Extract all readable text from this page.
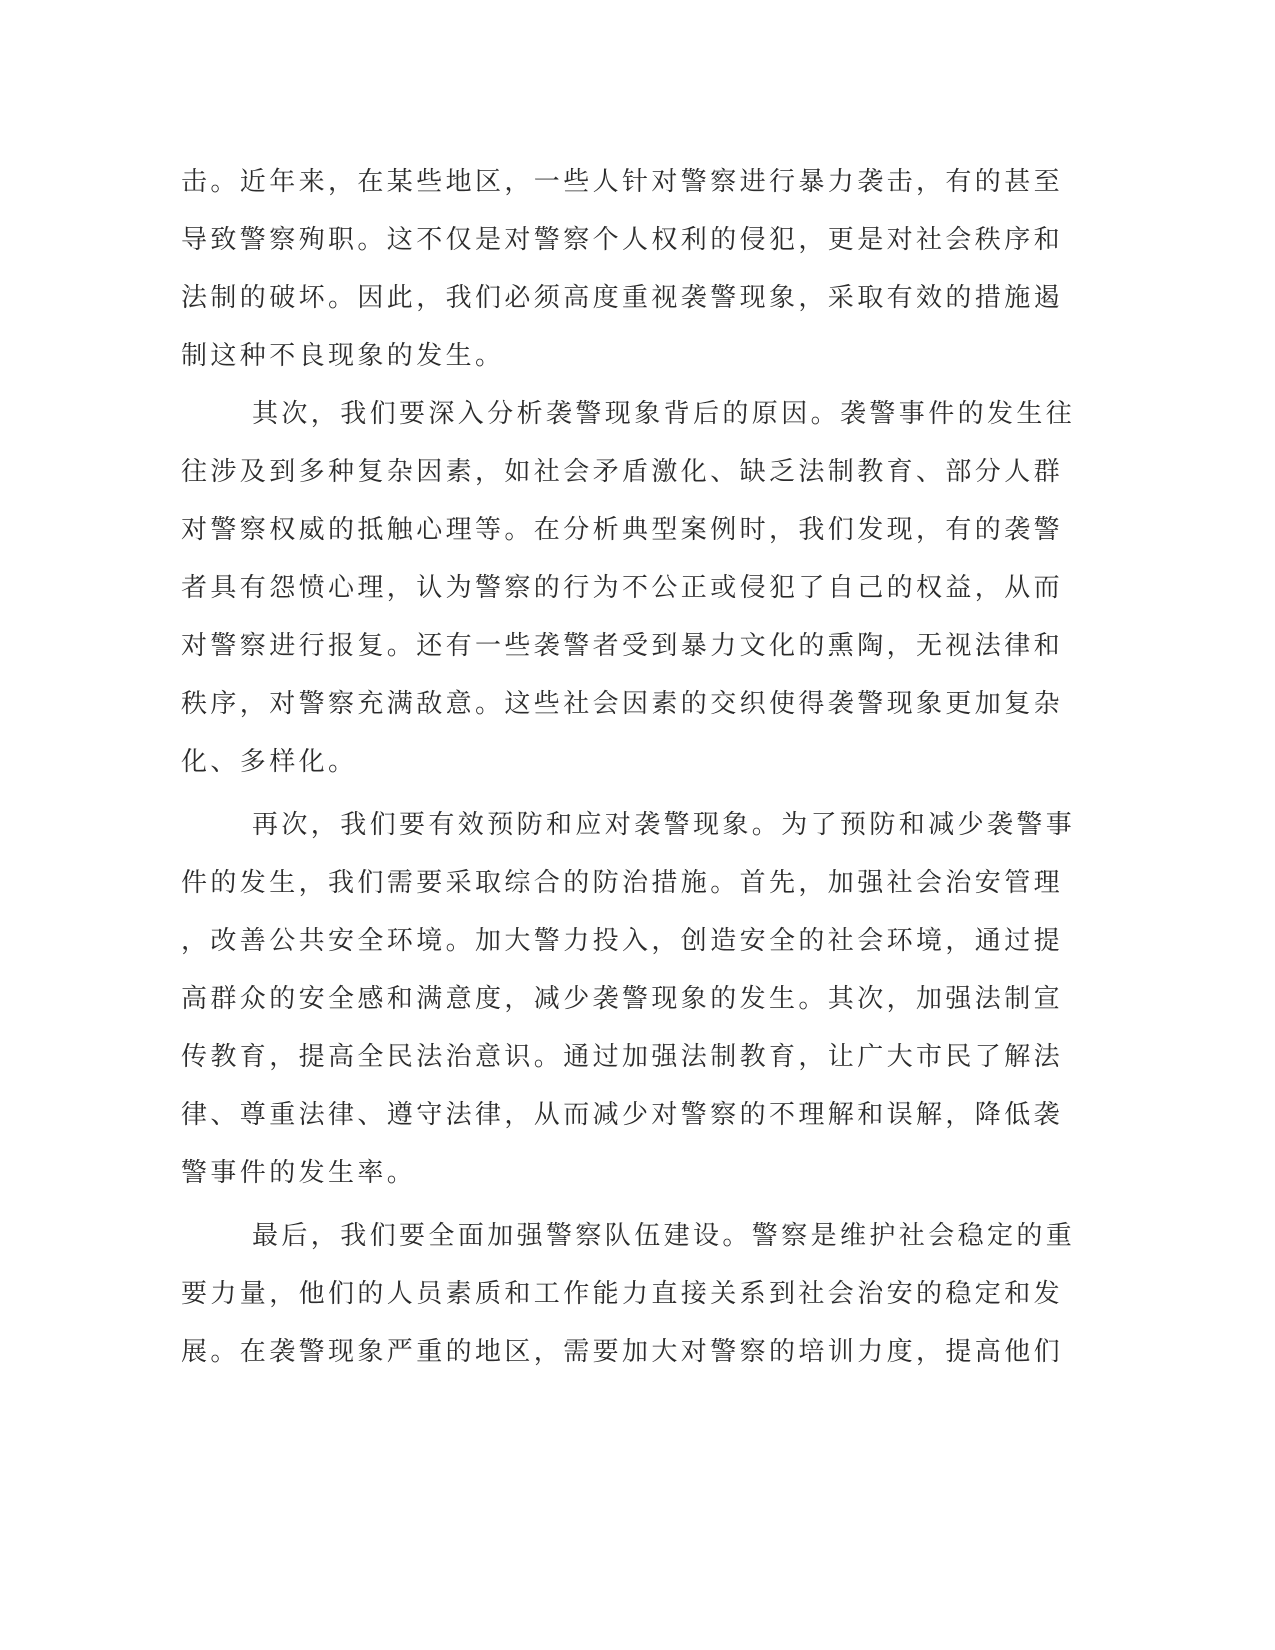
击。近年来，在某些地区，一些人针对警察进行暴力袭击，有的甚至
导致警察殉职。这不仅是对警察个人权利的侵犯，更是对社会秩序和
法制的破坏。因此，我们必须高度重视袭警现象，采取有效的措施遏
制这种不良现象的发生。
其次，我们要深入分析袭警现象背后的原因。袭警事件的发生往
往涉及到多种复杂因素，如社会矛盾激化、缺乏法制教育、部分人群
对警察权威的抵触心理等。在分析典型案例时，我们发现，有的袭警
者具有怨愤心理，认为警察的行为不公正或侵犯了自己的权益，从而
对警察进行报复。还有一些袭警者受到暴力文化的熏陶，无视法律和
秩序，对警察充满敌意。这些社会因素的交织使得袭警现象更加复杂
化、多样化。
再次，我们要有效预防和应对袭警现象。为了预防和减少袭警事
件的发生，我们需要采取综合的防治措施。首先，加强社会治安管理
，改善公共安全环境。加大警力投入，创造安全的社会环境，通过提
高群众的安全感和满意度，减少袭警现象的发生。其次，加强法制宣
传教育，提高全民法治意识。通过加强法制教育，让广大市民了解法
律、尊重法律、遵守法律，从而减少对警察的不理解和误解，降低袭
警事件的发生率。
最后，我们要全面加强警察队伍建设。警察是维护社会稳定的重
要力量，他们的人员素质和工作能力直接关系到社会治安的稳定和发
展。在袭警现象严重的地区，需要加大对警察的培训力度，提高他们
